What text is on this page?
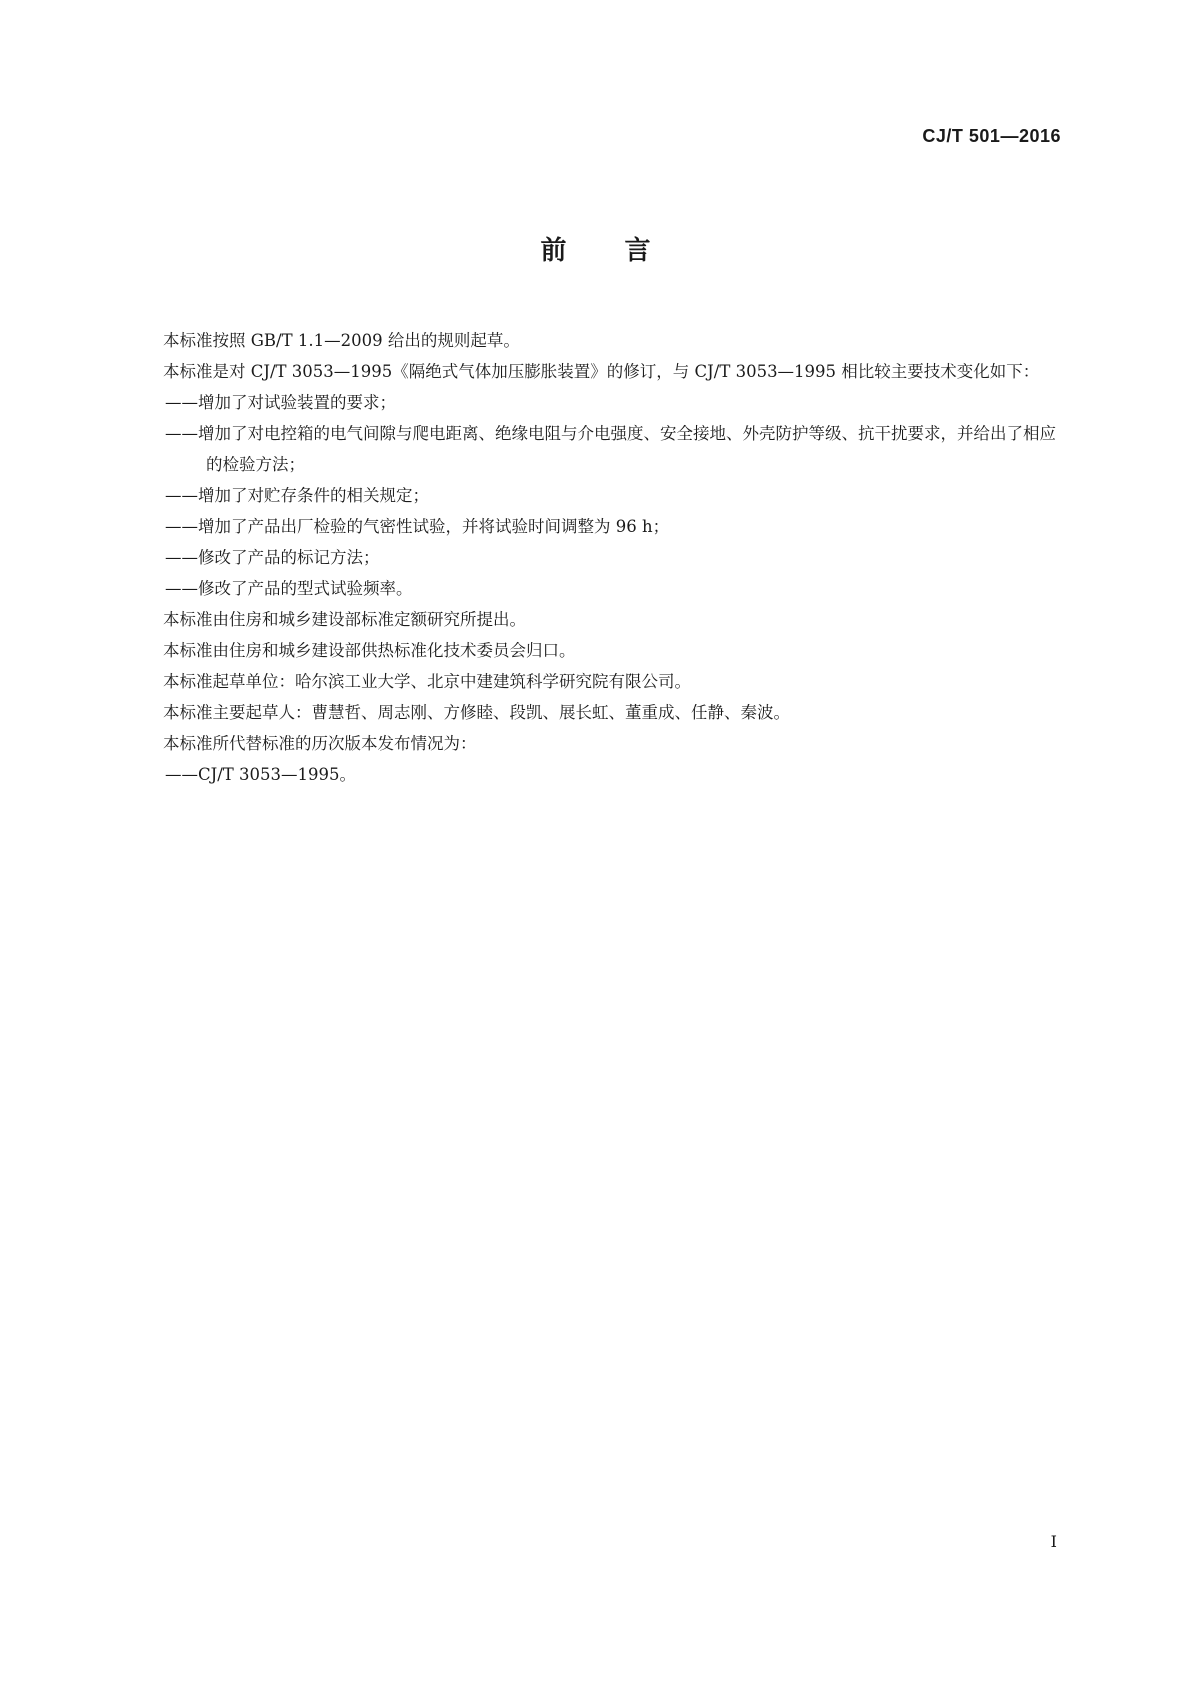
CJ/T 501—2016
前言

本标准按照 GB/T 1.1—2009 给出的规则起草。

本标准是对 CJ/T 3053—1995《隔绝式气体加压膨胀装置》的修订，与 CJ/T 3053—1995 相比较主要技术变化如下：

——增加了对试验装置的要求；

——增加了对电控箱的电气间隙与爬电距离、绝缘电阻与介电强度、安全接地、外壳防护等级、抗干扰要求，并给出了相应的检验方法；

——增加了对贮存条件的相关规定；

——增加了产品出厂检验的气密性试验，并将试验时间调整为 96 h；

——修改了产品的标记方法；

——修改了产品的型式试验频率。

本标准由住房和城乡建设部标准定额研究所提出。

本标准由住房和城乡建设部供热标准化技术委员会归口。

本标准起草单位：哈尔滨工业大学、北京中建建筑科学研究院有限公司。

本标准主要起草人：曹慧哲、周志刚、方修睦、段凯、展长虹、董重成、任静、秦波。

本标准所代替标准的历次版本发布情况为：

——CJ/T 3053—1995。

I
